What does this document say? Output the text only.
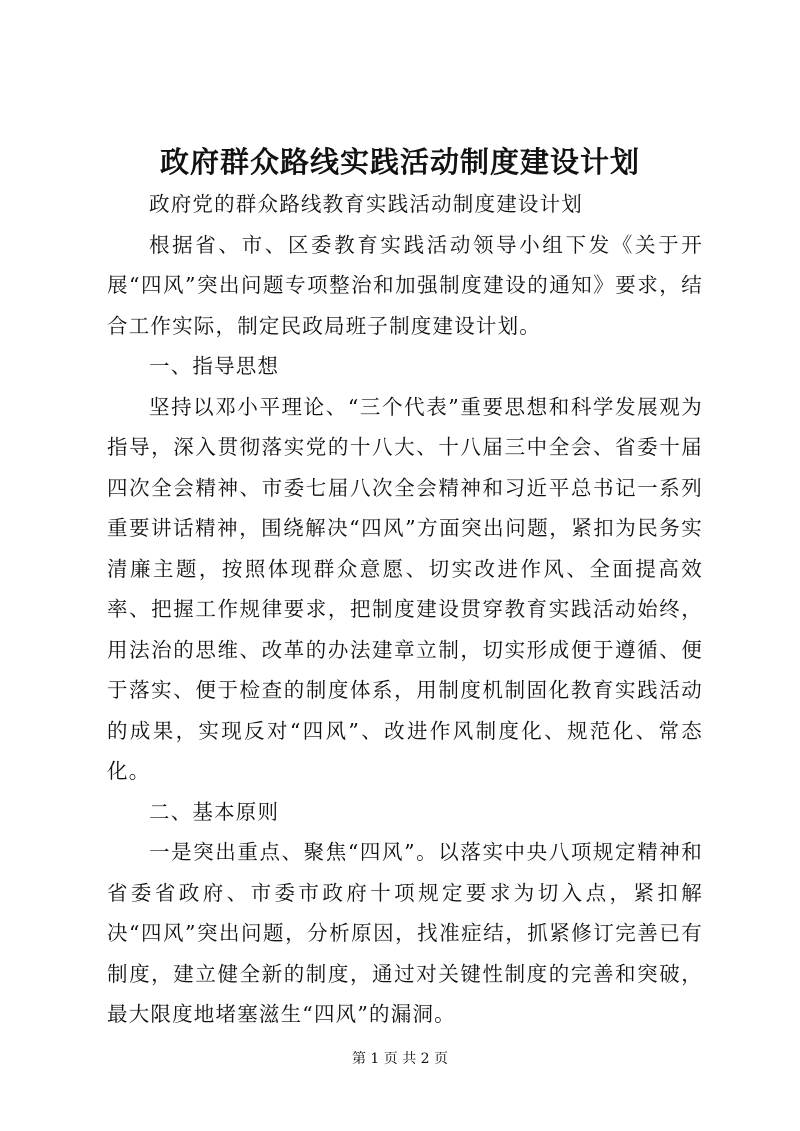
政府群众路线实践活动制度建设计划

政府党的群众路线教育实践活动制度建设计划

根据省、市、区委教育实践活动领导小组下发《关于开展“四风”突出问题专项整治和加强制度建设的通知》要求，结合工作实际，制定民政局班子制度建设计划。

一、指导思想

坚持以邓小平理论、“三个代表”重要思想和科学发展观为指导，深入贯彻落实党的十八大、十八届三中全会、省委十届四次全会精神、市委七届八次全会精神和习近平总书记一系列重要讲话精神，围绕解决“四风”方面突出问题，紧扣为民务实清廉主题，按照体现群众意愿、切实改进作风、全面提高效率、把握工作规律要求，把制度建设贯穿教育实践活动始终，用法治的思维、改革的办法建章立制，切实形成便于遵循、便于落实、便于检查的制度体系，用制度机制固化教育实践活动的成果，实现反对“四风”、改进作风制度化、规范化、常态化。

二、基本原则

一是突出重点、聚焦“四风”。以落实中央八项规定精神和省委省政府、市委市政府十项规定要求为切入点，紧扣解决“四风”突出问题，分析原因，找准症结，抓紧修订完善已有制度，建立健全新的制度，通过对关键性制度的完善和突破，最大限度地堵塞滋生“四风”的漏洞。

第 1 页 共 2 页
